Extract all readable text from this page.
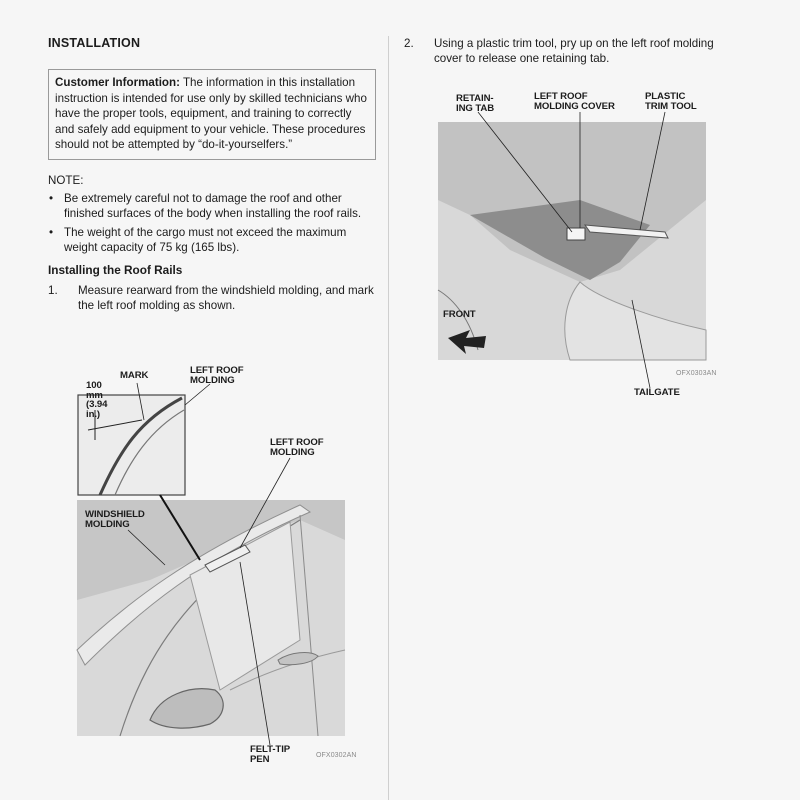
INSTALLATION
Customer Information: The information in this installation instruction is intended for use only by skilled technicians who have the proper tools, equipment, and training to correctly and safely add equipment to your vehicle. These procedures should not be attempted by “do-it-yourselfers.”
NOTE:
• Be extremely careful not to damage the roof and other finished surfaces of the body when installing the roof rails.
• The weight of the cargo must not exceed the maximum weight capacity of 75 kg (165 lbs).
Installing the Roof Rails
1. Measure rearward from the windshield molding, and mark the left roof molding as shown.
2. Using a plastic trim tool, pry up on the left roof molding cover to release one retaining tab.
100
mm
(3.94
in.)
MARK	LEFT ROOF
MOLDING
LEFT ROOF
MOLDING
WINDSHIELD
MOLDING
FELT-TIP
PEN	OFX0302AN
RETAIN-
ING TAB
LEFT ROOF
MOLDING COVER
PLASTIC
TRIM TOOL
FRONT
TAILGATE
OFX0303AN
